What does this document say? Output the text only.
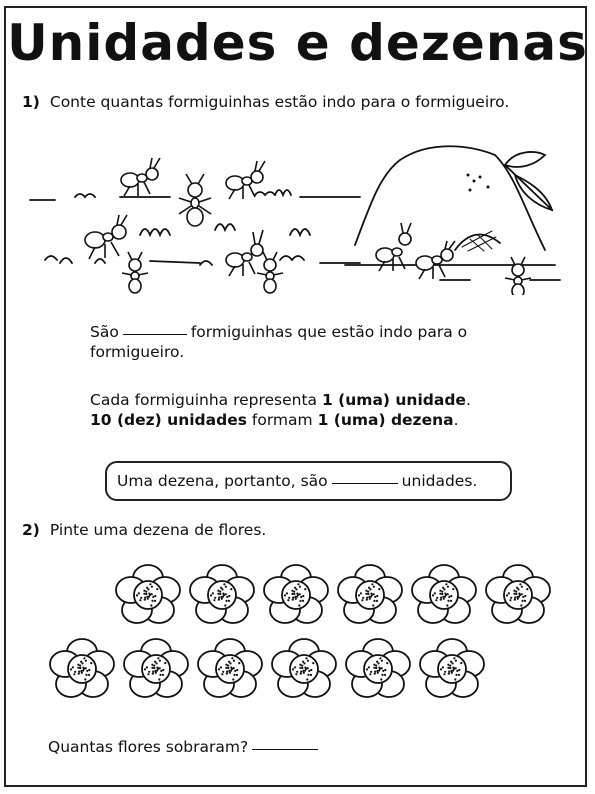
Unidades e dezenas
1) Conte quantas formiguinhas estão indo para o formigueiro.
São	formiguinhas que estão indo para o
formigueiro.
Cada formiguinha representa 1 (uma) unidade.
10 (dez) unidades formam 1 (uma) dezena.
Uma dezena, portanto, são	unidades.
2) Pinte uma dezena de flores.
Quantas flores sobraram?
